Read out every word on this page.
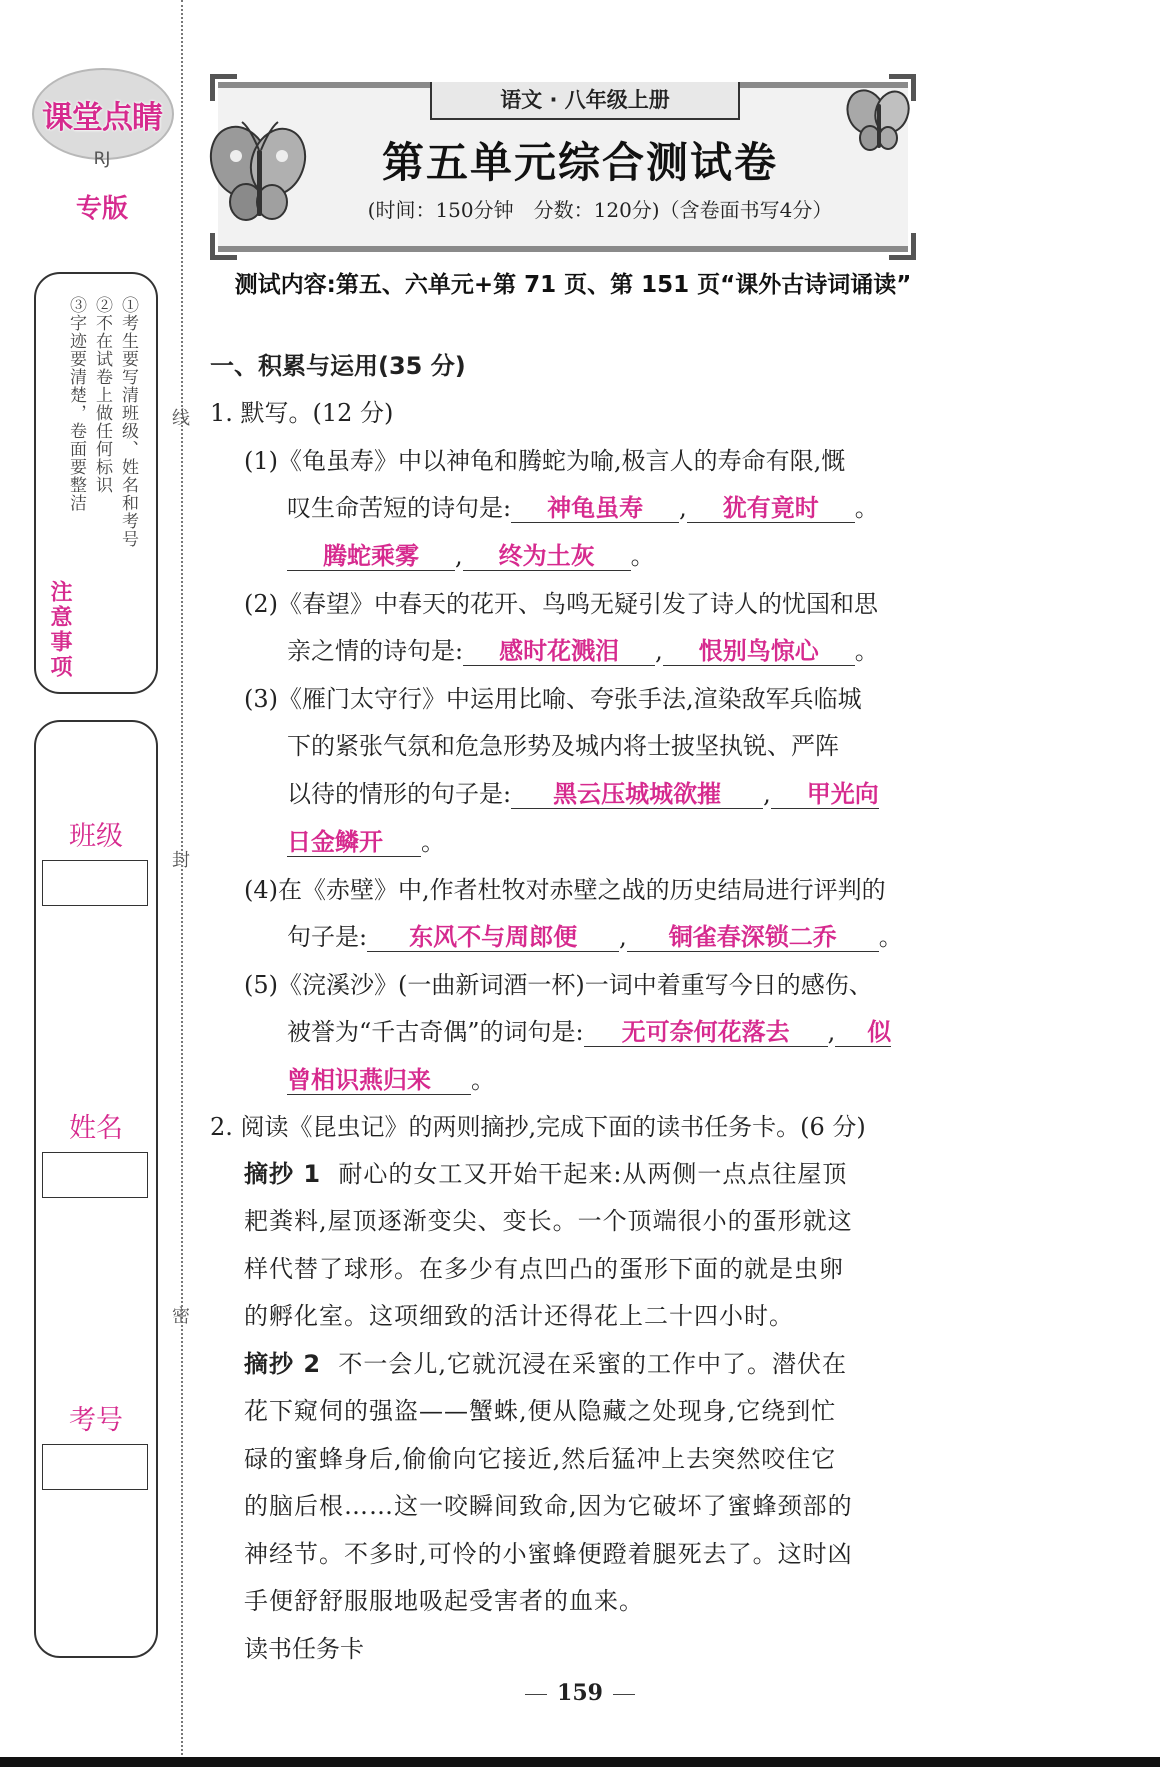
课堂点睛
RJ
专版
①考生要写清班级、姓名和考号
②不在试卷上做任何标识
③字迹要清楚，卷面要整洁
注意事项
班级
姓名
考号
线
封
密
语文 · 八年级上册
第五单元综合测试卷
(时间：150分钟　分数：120分)（含卷面书写4分）
测试内容:第五、六单元+第 71 页、第 151 页“课外古诗词诵读”
一、积累与运用(35 分)
1. 默写。(12 分)
(1)《龟虽寿》中以神龟和腾蛇为喻,极言人的寿命有限,慨
叹生命苦短的诗句是: 神龟虽寿 , 犹有竟时 。
腾蛇乘雾 , 终为土灰 。
(2)《春望》中春天的花开、鸟鸣无疑引发了诗人的忧国和思
亲之情的诗句是: 感时花溅泪 , 恨别鸟惊心 。
(3)《雁门太守行》中运用比喻、夸张手法,渲染敌军兵临城
下的紧张气氛和危急形势及城内将士披坚执锐、严阵
以待的情形的句子是: 黑云压城城欲摧 , 甲光向
日金鳞开 。
(4)在《赤壁》中,作者杜牧对赤壁之战的历史结局进行评判的
句子是: 东风不与周郎便 , 铜雀春深锁二乔 。
(5)《浣溪沙》(一曲新词酒一杯)一词中着重写今日的感伤、
被誉为“千古奇偶”的词句是: 无可奈何花落去 , 似
曾相识燕归来 。
2. 阅读《昆虫记》的两则摘抄,完成下面的读书任务卡。(6 分)
摘抄 1 耐心的女工又开始干起来:从两侧一点点往屋顶
耙粪料,屋顶逐渐变尖、变长。一个顶端很小的蛋形就这
样代替了球形。在多少有点凹凸的蛋形下面的就是虫卵
的孵化室。这项细致的活计还得花上二十四小时。
摘抄 2 不一会儿,它就沉浸在采蜜的工作中了。潜伏在
花下窥伺的强盗——蟹蛛,便从隐藏之处现身,它绕到忙
碌的蜜蜂身后,偷偷向它接近,然后猛冲上去突然咬住它
的脑后根……这一咬瞬间致命,因为它破坏了蜜蜂颈部的
神经节。不多时,可怜的小蜜蜂便蹬着腿死去了。这时凶
手便舒舒服服地吸起受害者的血来。
读书任务卡
159
